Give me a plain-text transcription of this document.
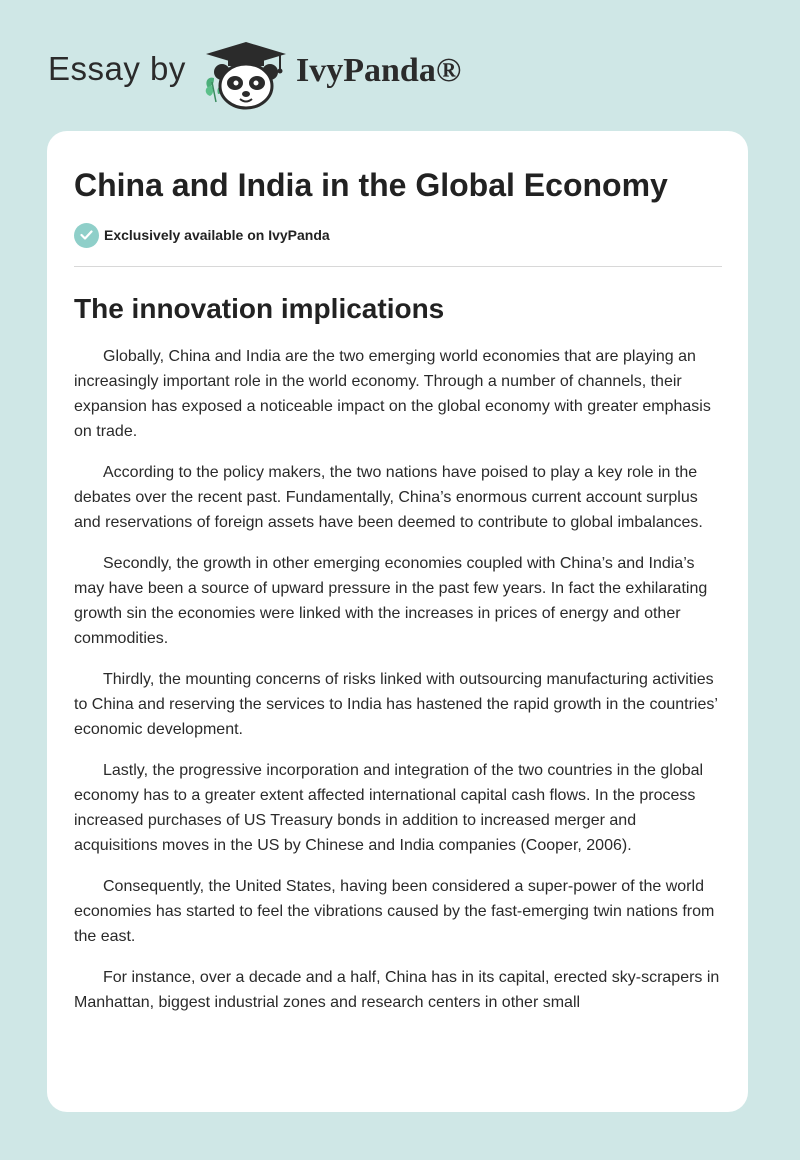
Essay by	IvyPanda®
China and India in the Global Economy
Exclusively available on IvyPanda
The innovation implications

Globally, China and India are the two emerging world economies that are playing an increasingly important role in the world economy. Through a number of channels, their expansion has exposed a noticeable impact on the global economy with greater emphasis on trade.

According to the policy makers, the two nations have poised to play a key role in the debates over the recent past. Fundamentally, China’s enormous current account surplus and reservations of foreign assets have been deemed to contribute to global imbalances.

Secondly, the growth in other emerging economies coupled with China’s and India’s may have been a source of upward pressure in the past few years. In fact the exhilarating growth sin the economies were linked with the increases in prices of energy and other commodities.

Thirdly, the mounting concerns of risks linked with outsourcing manufacturing activities to China and reserving the services to India has hastened the rapid growth in the countries’ economic development.

Lastly, the progressive incorporation and integration of the two countries in the global economy has to a greater extent affected international capital cash flows. In the process increased purchases of US Treasury bonds in addition to increased merger and acquisitions moves in the US by Chinese and India companies (Cooper, 2006).

Consequently, the United States, having been considered a super-power of the world economies has started to feel the vibrations caused by the fast-emerging twin nations from the east.

For instance, over a decade and a half, China has in its capital, erected sky-scrapers in Manhattan, biggest industrial zones and research centers in other small
